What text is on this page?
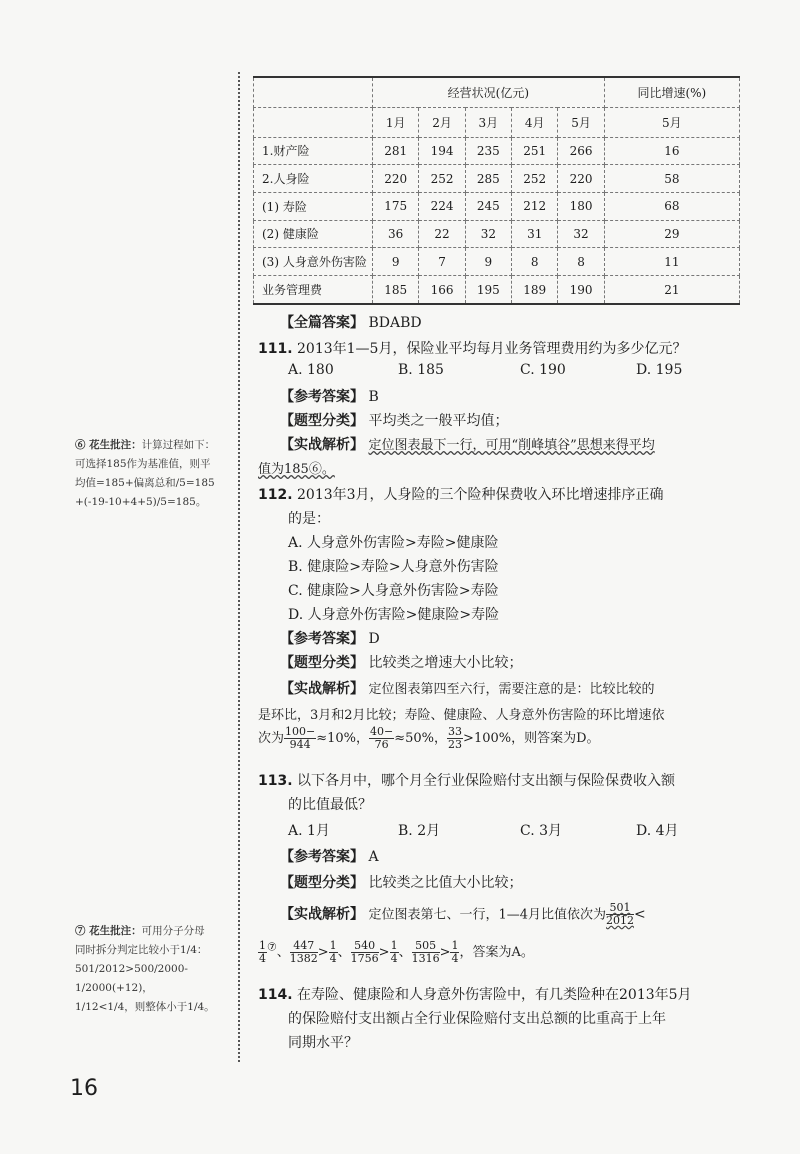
⑥ 花生批注：计算过程如下：
可选择185作为基准值，则平
均值=185+偏离总和/5=185
+(-19-10+4+5)/5=185。
⑦ 花生批注：可用分子分母
同时拆分判定比较小于1/4：
501/2012>500/2000-1/2000(+12)，
1/12<1/4，则整体小于1/4。
16
	经营状况(亿元)					同比增速(%)
	1月	2月	3月	4月	5月	5月
1.财产险	281	194	235	251	266	16
2.人身险	220	252	285	252	220	58
(1) 寿险	175	224	245	212	180	68
(2) 健康险	36	22	32	31	32	29
(3) 人身意外伤害险	9	7	9	8	8	11
业务管理费	185	166	195	189	190	21
【全篇答案】 BDABD
111. 2013年1—5月，保险业平均每月业务管理费用约为多少亿元？
A. 180	B. 185	C. 190	D. 195
【参考答案】 B
【题型分类】 平均类之一般平均值；
【实战解析】 定位图表最下一行，可用“削峰填谷”思想来得平均
值为185⑥。
112. 2013年3月，人身险的三个险种保费收入环比增速排序正确
的是：
A. 人身意外伤害险>寿险>健康险
B. 健康险>寿险>人身意外伤害险
C. 健康险>人身意外伤害险>寿险
D. 人身意外伤害险>健康险>寿险
【参考答案】 D
【题型分类】 比较类之增速大小比较；
【实战解析】 定位图表第四至六行，需要注意的是：比较比较的
是环比，3月和2月比较；寿险、健康险、人身意外伤害险的环比增速依
次为 $\frac{100-}{944} \approx 10\%$， $\frac{40-}{76} \approx 50\%$， $\frac{33}{23} >100\%$，则答案为D。
113. 以下各月中，哪个月全行业保险赔付支出额与保险保费收入额
的比值最低？
A. 1月	B. 2月	C. 3月	D. 4月
【参考答案】 A
【题型分类】 比较类之比值大小比较；
【实战解析】 定位图表第七、一行，1—4月比值依次为 $\frac{501}{2012}$ <
$\frac{1}{4} ^⑦$、 $\frac{447}{1382} > \frac{1}{4}$ 、 $\frac{540}{1756} > \frac{1}{4}$ 、 $\frac{505}{1316} > \frac{1}{4}$ ，答案为A。
114. 在寿险、健康险和人身意外伤害险中，有几类险种在2013年5月
的保险赔付支出额占全行业保险赔付支出总额的比重高于上年
同期水平？
